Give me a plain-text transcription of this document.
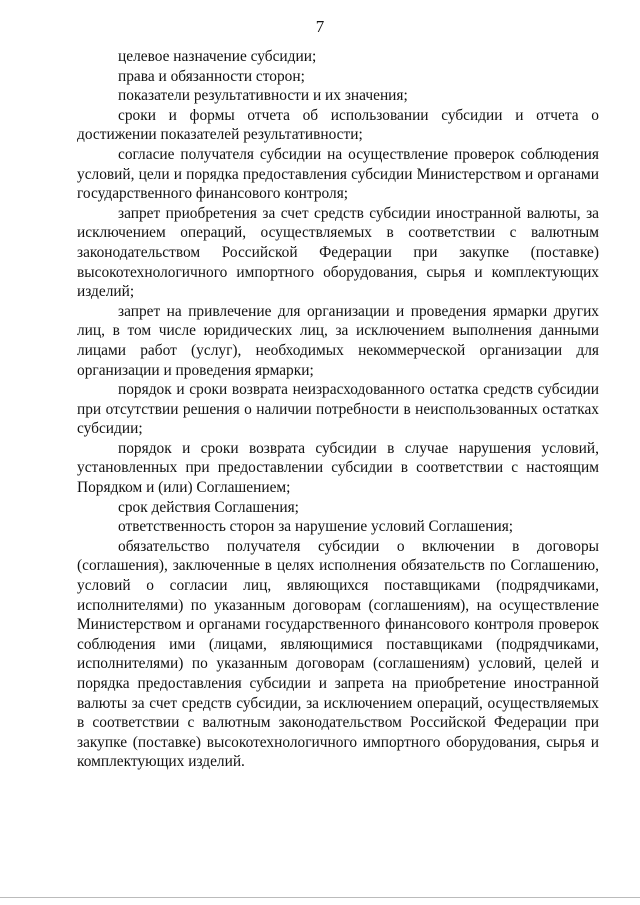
7

целевое назначение субсидии;

права и обязанности сторон;

показатели результативности и их значения;

сроки и формы отчета об использовании субсидии и отчета о достижении показателей результативности;

согласие получателя субсидии на осуществление проверок соблюдения условий, цели и порядка предоставления субсидии Министерством и органами государственного финансового контроля;

запрет приобретения за счет средств субсидии иностранной валюты, за исключением операций, осуществляемых в соответствии с валютным законодательством Российской Федерации при закупке (поставке) высокотехнологичного импортного оборудования, сырья и комплектующих изделий;

запрет на привлечение для организации и проведения ярмарки других лиц, в том числе юридических лиц, за исключением выполнения данными лицами работ (услуг), необходимых некоммерческой организации для организации и проведения ярмарки;

порядок и сроки возврата неизрасходованного остатка средств субсидии при отсутствии решения о наличии потребности в неиспользованных остатках субсидии;

порядок и сроки возврата субсидии в случае нарушения условий, установленных при предоставлении субсидии в соответствии с настоящим Порядком и (или) Соглашением;

срок действия Соглашения;

ответственность сторон за нарушение условий Соглашения;

обязательство получателя субсидии о включении в договоры (соглашения), заключенные в целях исполнения обязательств по Соглашению, условий о согласии лиц, являющихся поставщиками (подрядчиками, исполнителями) по указанным договорам (соглашениям), на осуществление Министерством и органами государственного финансового контроля проверок соблюдения ими (лицами, являющимися поставщиками (подрядчиками, исполнителями) по указанным договорам (соглашениям) условий, целей и порядка предоставления субсидии и запрета на приобретение иностранной валюты за счет средств субсидии, за исключением операций, осуществляемых в соответствии с валютным законодательством Российской Федерации при закупке (поставке) высокотехнологичного импортного оборудования, сырья и комплектующих изделий.
